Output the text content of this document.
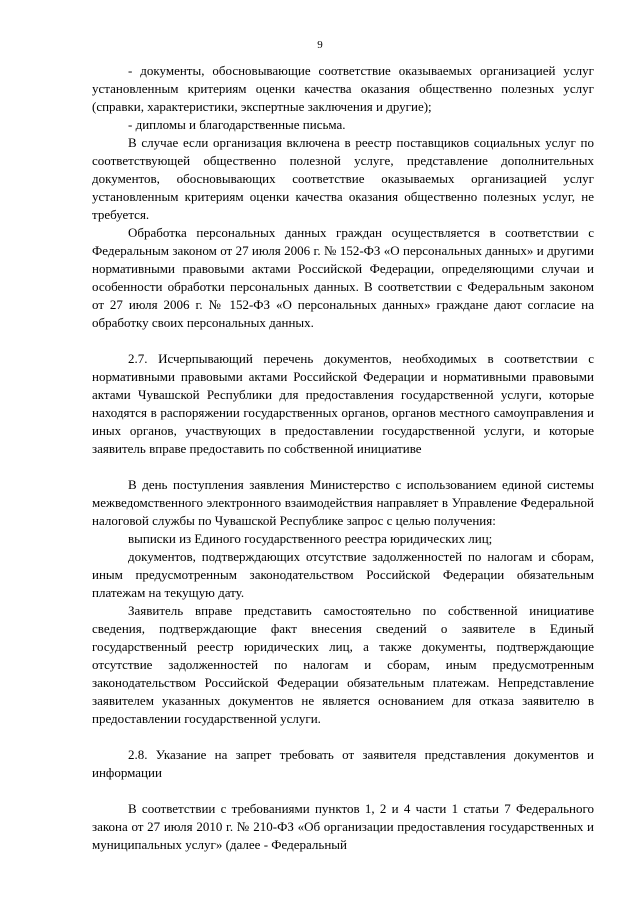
9

- документы, обосновывающие соответствие оказываемых организацией услуг установленным критериям оценки качества оказания общественно полезных услуг (справки, характеристики, экспертные заключения и другие);

- дипломы и благодарственные письма.

В случае если организация включена в реестр поставщиков социальных услуг по соответствующей общественно полезной услуге, представление дополнительных документов, обосновывающих соответствие оказываемых организацией услуг установленным критериям оценки качества оказания общественно полезных услуг, не требуется.

Обработка персональных данных граждан осуществляется в соответствии с Федеральным законом от 27 июля 2006 г. № 152-ФЗ «О персональных данных» и другими нормативными правовыми актами Российской Федерации, определяющими случаи и особенности обработки персональных данных. В соответствии с Федеральным законом от 27 июля 2006 г. № 152-ФЗ «О персональных данных» граждане дают согласие на обработку своих персональных данных.

2.7. Исчерпывающий перечень документов, необходимых в соответствии с нормативными правовыми актами Российской Федерации и нормативными правовыми актами Чувашской Республики для предоставления государственной услуги, которые находятся в распоряжении государственных органов, органов местного самоуправления и иных органов, участвующих в предоставлении государственной услуги, и которые заявитель вправе предоставить по собственной инициативе

В день поступления заявления Министерство с использованием единой системы межведомственного электронного взаимодействия направляет в Управление Федеральной налоговой службы по Чувашской Республике запрос с целью получения:

выписки из Единого государственного реестра юридических лиц;

документов, подтверждающих отсутствие задолженностей по налогам и сборам, иным предусмотренным законодательством Российской Федерации обязательным платежам на текущую дату.

Заявитель вправе представить самостоятельно по собственной инициативе сведения, подтверждающие факт внесения сведений о заявителе в Единый государственный реестр юридических лиц, а также документы, подтверждающие отсутствие задолженностей по налогам и сборам, иным предусмотренным законодательством Российской Федерации обязательным платежам. Непредставление заявителем указанных документов не является основанием для отказа заявителю в предоставлении государственной услуги.

2.8. Указание на запрет требовать от заявителя представления документов и информации

В соответствии с требованиями пунктов 1, 2 и 4 части 1 статьи 7 Федерального закона от 27 июля 2010 г. № 210-ФЗ «Об организации предоставления государственных и муниципальных услуг» (далее - Федеральный
